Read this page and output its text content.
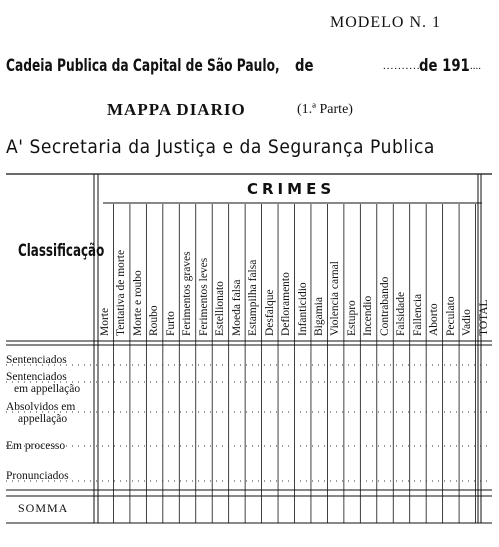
MODELO N. 1
Cadeia Publica da Capital de São Paulo, de	..........
de 191 ....
MAPPA DIARIO	(1.ª Parte)
A' Secretaria da Justiça e da Segurança Publica
Classificação
CRIMES
Morte Tentativa de morte Morte e roubo Roubo Furto Ferimentos graves Ferimentos leves Estellionato Moeda falsa Estampilha falsa Desfalque Defloramento Infanticidio Bigamia Violencia carnal Estupro Incendio Contrabando Falsidade Fallencia Aborto Peculato Vadio TOTAL
Sentenciados
Sentenciados
em appellação
Absolvidos em
appellação
Em processo
Pronunciados
SOMMA
